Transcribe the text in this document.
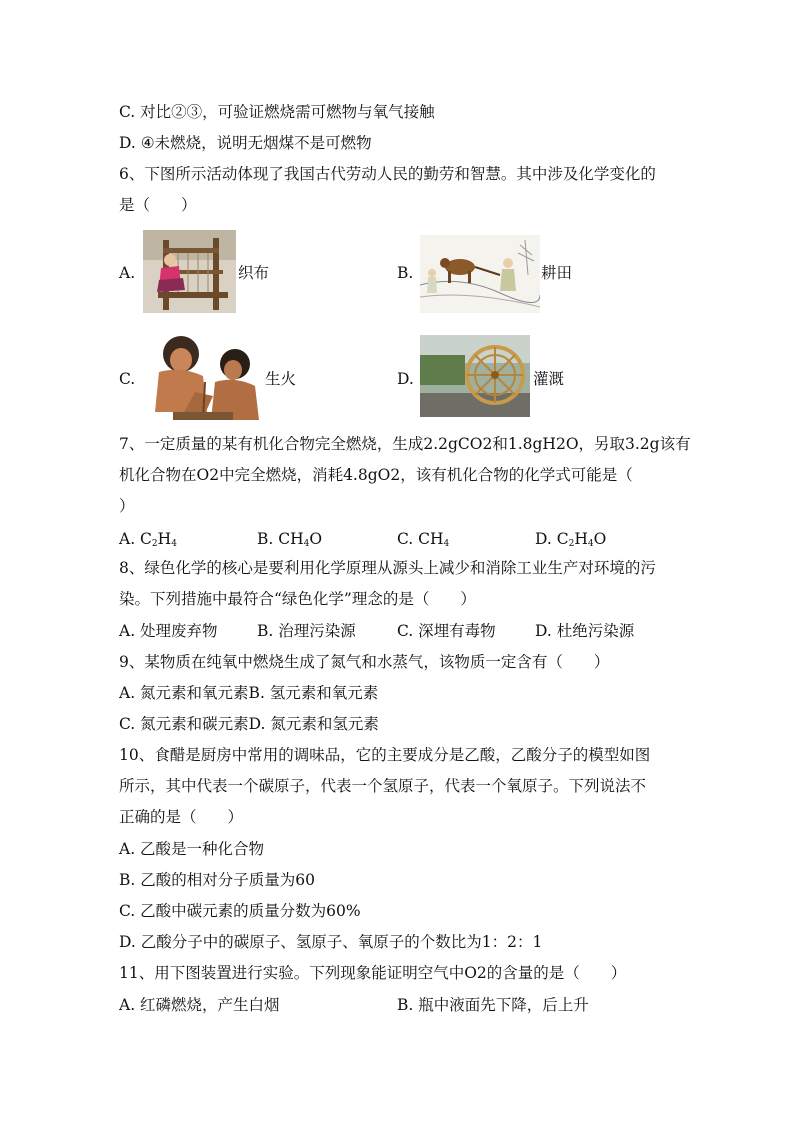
C. 对比②③，可验证燃烧需可燃物与氧气接触
D. ④未燃烧，说明无烟煤不是可燃物
6、下图所示活动体现了我国古代劳动人民的勤劳和智慧。其中涉及化学变化的
是（　　）
A.	织布	B.	耕田
C.	生火	D.	灌溉
7、一定质量的某有机化合物完全燃烧，生成2.2gCO2和1.8gH2O，另取3.2g该有
机化合物在O2中完全燃烧，消耗4.8gO2，该有机化合物的化学式可能是（
）
A. $C_2H_4$	B. $CH_4O$	C. $CH_4$	D. $C_2H_4O$
8、绿色化学的核心是要利用化学原理从源头上减少和消除工业生产对环境的污
染。下列措施中最符合“绿色化学”理念的是（　　）
A. 处理废弃物	B. 治理污染源	C. 深埋有毒物	D. 杜绝污染源
9、某物质在纯氧中燃烧生成了氮气和水蒸气，该物质一定含有（　　）
A. 氮元素和氧元素B. 氢元素和氧元素
C. 氮元素和碳元素D. 氮元素和氢元素
10、食醋是厨房中常用的调味品，它的主要成分是乙酸，乙酸分子的模型如图
所示，其中代表一个碳原子，代表一个氢原子，代表一个氧原子。下列说法不
正确的是（　　）
A. 乙酸是一种化合物
B. 乙酸的相对分子质量为60
C. 乙酸中碳元素的质量分数为60%
D. 乙酸分子中的碳原子、氢原子、氧原子的个数比为1：2：1
11、用下图装置进行实验。下列现象能证明空气中O2的含量的是（　　）
A. 红磷燃烧，产生白烟	B. 瓶中液面先下降，后上升
